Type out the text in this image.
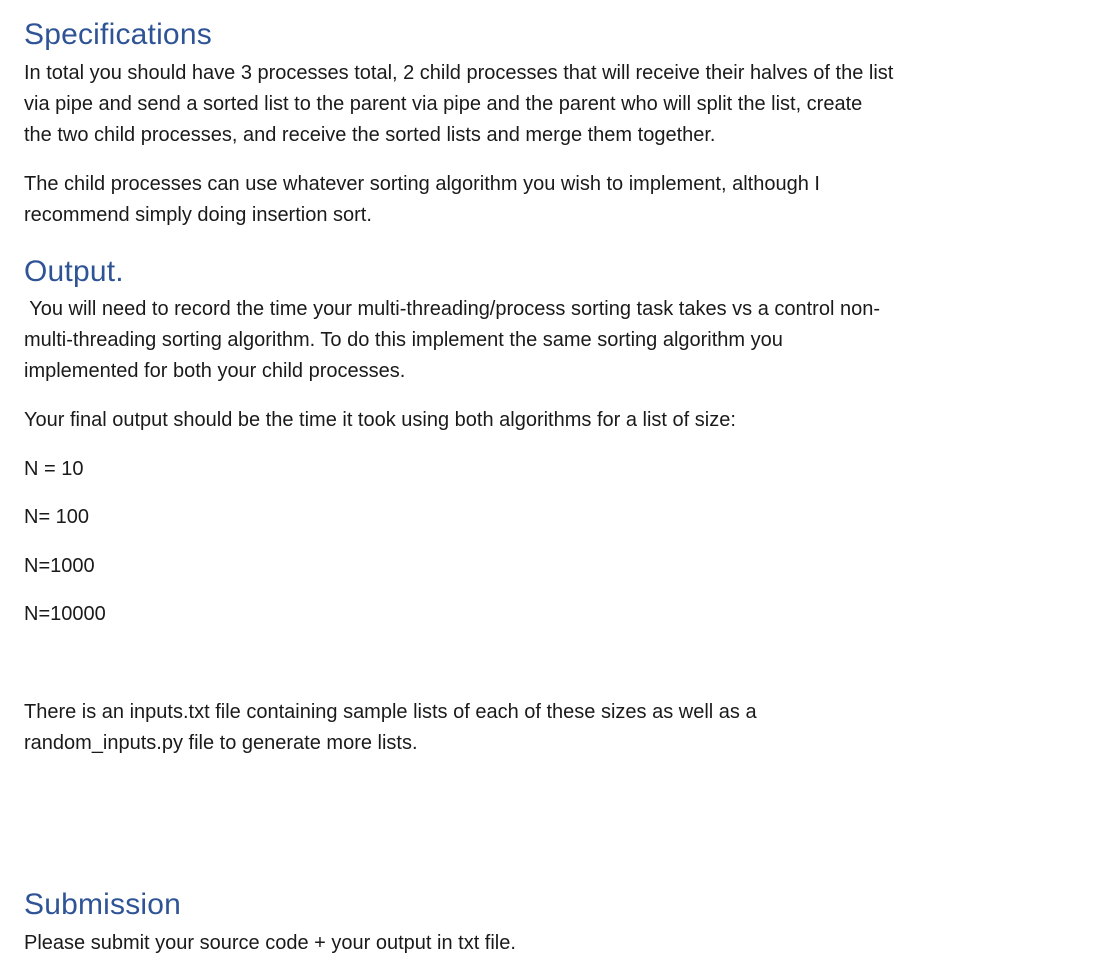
Specifications

In total you should have 3 processes total, 2 child processes that will receive their halves of the list
via pipe and send a sorted list to the parent via pipe and the parent who will split the list, create
the two child processes, and receive the sorted lists and merge them together.

The child processes can use whatever sorting algorithm you wish to implement, although I
recommend simply doing insertion sort.

Output.

You will need to record the time your multi-threading/process sorting task takes vs a control non-
multi-threading sorting algorithm. To do this implement the same sorting algorithm you
implemented for both your child processes.

Your final output should be the time it took using both algorithms for a list of size:

N = 10

N= 100

N=1000

N=10000

There is an inputs.txt file containing sample lists of each of these sizes as well as a
random_inputs.py file to generate more lists.

Submission

Please submit your source code + your output in txt file.
